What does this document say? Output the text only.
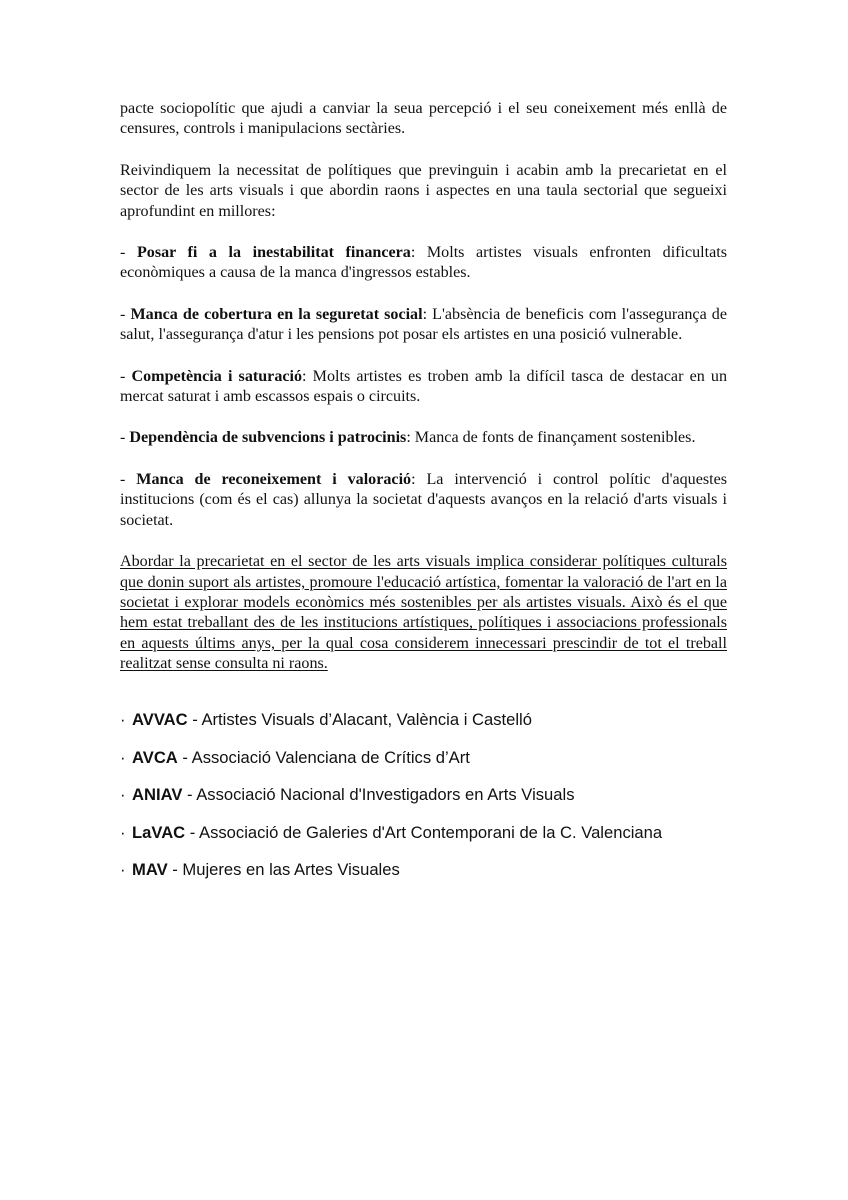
pacte sociopolític que ajudi a canviar la seua percepció i el seu coneixement més enllà de censures, controls i manipulacions sectàries.

Reivindiquem la necessitat de polítiques que previnguin i acabin amb la precarietat en el sector de les arts visuals i que abordin raons i aspectes en una taula sectorial que segueixi aprofundint en millores:

- Posar fi a la inestabilitat financera: Molts artistes visuals enfronten dificultats econòmiques a causa de la manca d'ingressos estables.

- Manca de cobertura en la seguretat social: L'absència de beneficis com l'assegurança de salut, l'assegurança d'atur i les pensions pot posar els artistes en una posició vulnerable.

- Competència i saturació: Molts artistes es troben amb la difícil tasca de destacar en un mercat saturat i amb escassos espais o circuits.

- Dependència de subvencions i patrocinis: Manca de fonts de finançament sostenibles.

- Manca de reconeixement i valoració: La intervenció i control polític d'aquestes institucions (com és el cas) allunya la societat d'aquests avanços en la relació d'arts visuals i societat.

Abordar la precarietat en el sector de les arts visuals implica considerar polítiques culturals que donin suport als artistes, promoure l'educació artística, fomentar la valoració de l'art en la societat i explorar models econòmics més sostenibles per als artistes visuals. Això és el que hem estat treballant des de les institucions artístiques, polítiques i associacions professionals en aquests últims anys, per la qual cosa considerem innecessari prescindir de tot el treball realitzat sense consulta ni raons.

· AVVAC - Artistes Visuals d’Alacant, València i Castelló
· AVCA - Associació Valenciana de Crítics d’Art
· ANIAV - Associació Nacional d'Investigadors en Arts Visuals
· LaVAC - Associació de Galeries d'Art Contemporani de la C. Valenciana
· MAV - Mujeres en las Artes Visuales
